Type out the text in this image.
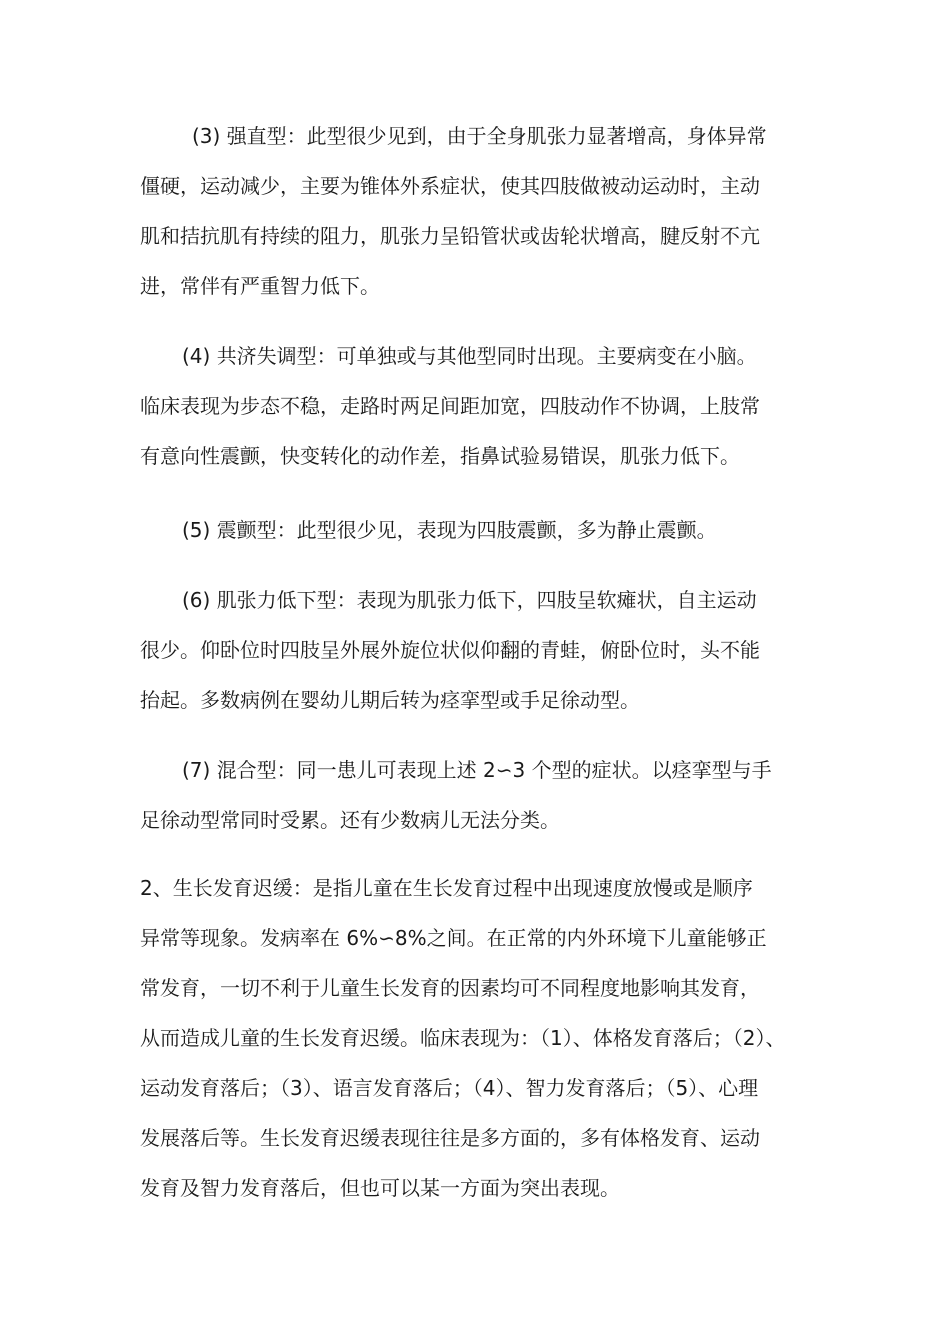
(3) 强直型：此型很少见到，由于全身肌张力显著增高，身体异常
僵硬，运动减少，主要为锥体外系症状，使其四肢做被动运动时，主动
肌和拮抗肌有持续的阻力，肌张力呈铅管状或齿轮状增高，腱反射不亢
进，常伴有严重智力低下。
(4) 共济失调型：可单独或与其他型同时出现。主要病变在小脑。
临床表现为步态不稳，走路时两足间距加宽，四肢动作不协调，上肢常
有意向性震颤，快变转化的动作差，指鼻试验易错误，肌张力低下。
(5) 震颤型：此型很少见，表现为四肢震颤，多为静止震颤。
(6) 肌张力低下型：表现为肌张力低下，四肢呈软瘫状，自主运动
很少。仰卧位时四肢呈外展外旋位状似仰翻的青蛙，俯卧位时，头不能
抬起。多数病例在婴幼儿期后转为痉挛型或手足徐动型。
(7) 混合型：同一患儿可表现上述 2∽3 个型的症状。以痉挛型与手
足徐动型常同时受累。还有少数病儿无法分类。
2、生长发育迟缓：是指儿童在生长发育过程中出现速度放慢或是顺序
异常等现象。发病率在 6%∽8%之间。在正常的内外环境下儿童能够正
常发育，一切不利于儿童生长发育的因素均可不同程度地影响其发育，
从而造成儿童的生长发育迟缓。临床表现为：（1）、体格发育落后；（2）、
运动发育落后；（3）、语言发育落后；（4）、智力发育落后；（5）、心理
发展落后等。生长发育迟缓表现往往是多方面的，多有体格发育、运动
发育及智力发育落后，但也可以某一方面为突出表现。
